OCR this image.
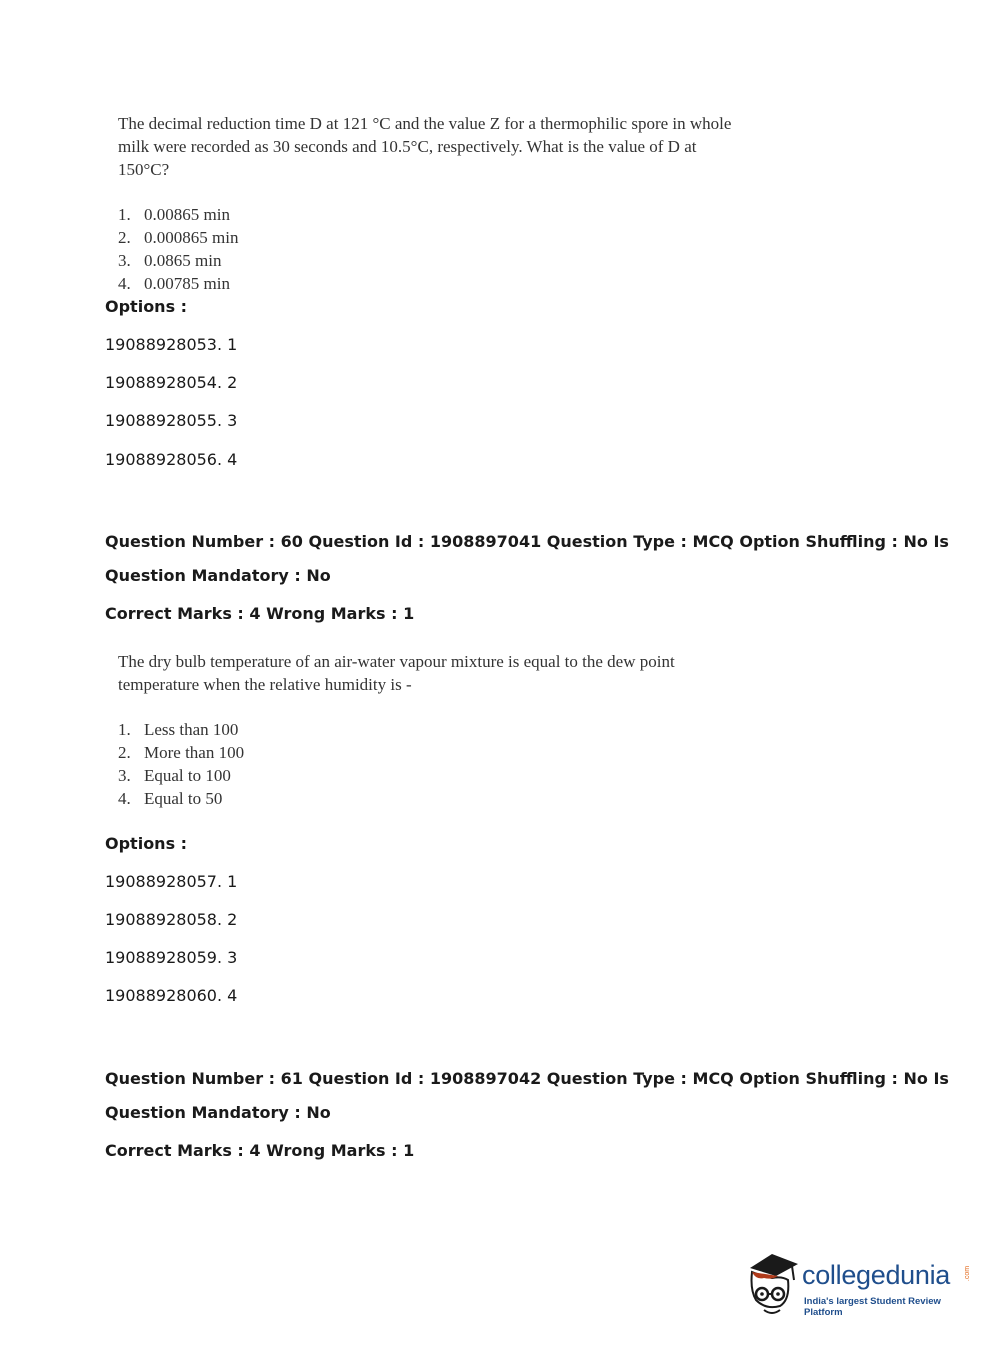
The decimal reduction time D at 121 °C and the value Z for a thermophilic spore in whole milk were recorded as 30 seconds and 10.5°C, respectively. What is the value of D at 150°C?

1. 0.00865 min
2. 0.000865 min
3. 0.0865 min
4. 0.00785 min
Options :
19088928053. 1
19088928054. 2
19088928055. 3
19088928056. 4
Question Number : 60 Question Id : 1908897041 Question Type : MCQ Option Shuffling : No Is
Question Mandatory : No
Correct Marks : 4 Wrong Marks : 1

The dry bulb temperature of an air-water vapour mixture is equal to the dew point temperature when the relative humidity is -

1. Less than 100
2. More than 100
3. Equal to 100
4. Equal to 50
Options :
19088928057. 1
19088928058. 2
19088928059. 3
19088928060. 4
Question Number : 61 Question Id : 1908897042 Question Type : MCQ Option Shuffling : No Is
Question Mandatory : No
Correct Marks : 4 Wrong Marks : 1
collegedunia .com
India's largest Student Review Platform
